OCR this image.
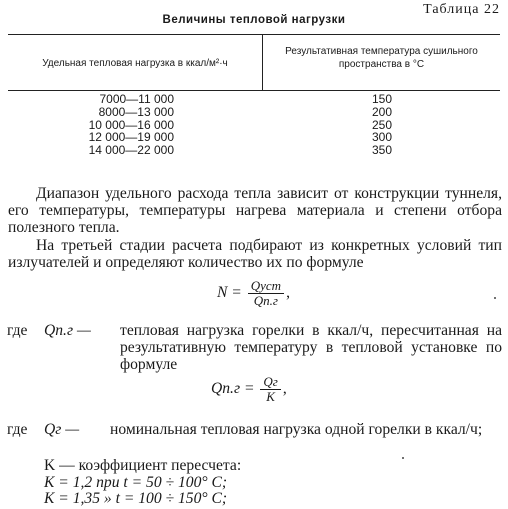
Таблица 22
Величины тепловой нагрузки
Удельная тепловая нагрузка в ккал/м²·ч
Результативная температура сушильного пространства в °C
7000—11 000
8000—13 000
10 000—16 000
12 000—19 000
14 000—22 000
150
200
250
300
350
Диапазон удельного расхода тепла зависит от конструкции туннеля, его температуры, температуры нагрева материала и степени отбора полезного тепла.
На третьей стадии расчета подбирают из конкретных условий тип излучателей и определяют количество их по формуле
$N = \frac{\text{Qуст}}{Qп.г}$ ,
где Qп.г — тепловая нагрузка горелки в ккал/ч, пересчитанная на результативную температуру в тепловой установке по формуле
$Qп.г = \frac{Qг}{K}$ ,
где Qг — номинальная тепловая нагрузка одной горелки в ккал/ч;
K — коэффициент пересчета:
K = 1,2 при t = 50 ÷ 100° С;
K = 1,35 » t = 100 ÷ 150° С;
